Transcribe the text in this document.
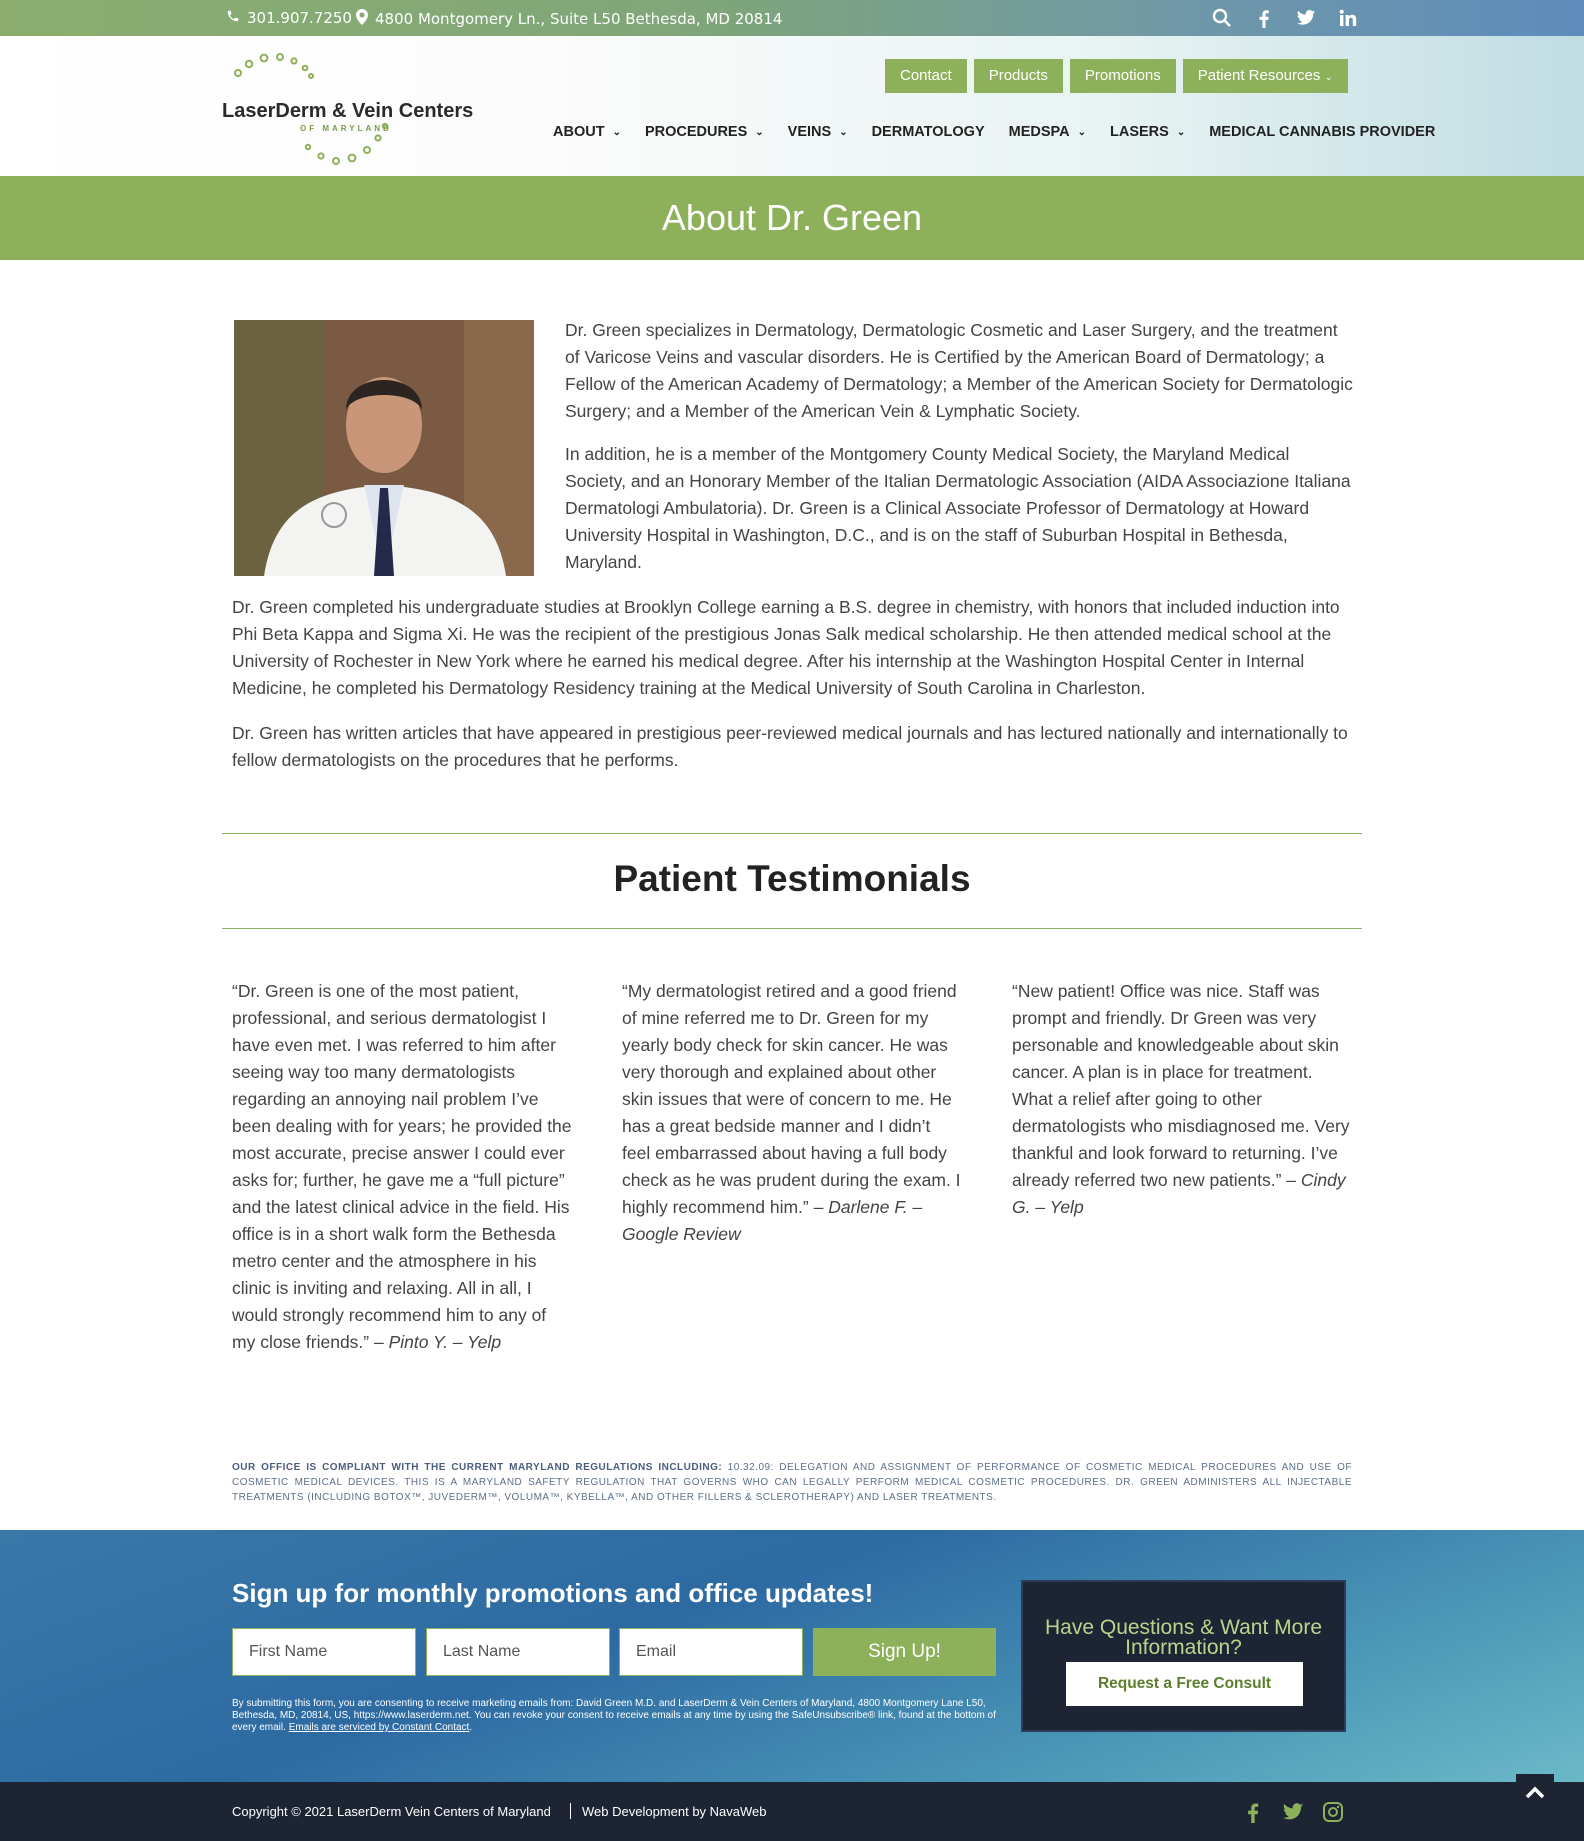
301.907.7250 4800 Montgomery Ln., Suite L50 Bethesda, MD 20814
LaserDerm & Vein Centers
OF MARYLAND
Contact	Products	Promotions	Patient Resources ⌄
ABOUT ⌄ PROCEDURES ⌄ VEINS ⌄ DERMATOLOGY MEDSPA ⌄ LASERS ⌄ MEDICAL CANNABIS PROVIDER
About Dr. Green

Dr. Green specializes in Dermatology, Dermatologic Cosmetic and Laser Surgery, and the treatment of Varicose Veins and vascular disorders. He is Certified by the American Board of Dermatology; a Fellow of the American Academy of Dermatology; a Member of the American Society for Dermatologic Surgery; and a Member of the American Vein & Lymphatic Society.

In addition, he is a member of the Montgomery County Medical Society, the Maryland Medical Society, and an Honorary Member of the Italian Dermatologic Association (AIDA Associazione Italiana Dermatologi Ambulatoria). Dr. Green is a Clinical Associate Professor of Dermatology at Howard University Hospital in Washington, D.C., and is on the staff of Suburban Hospital in Bethesda, Maryland.

Dr. Green completed his undergraduate studies at Brooklyn College earning a B.S. degree in chemistry, with honors that included induction into Phi Beta Kappa and Sigma Xi. He was the recipient of the prestigious Jonas Salk medical scholarship. He then attended medical school at the University of Rochester in New York where he earned his medical degree. After his internship at the Washington Hospital Center in Internal Medicine, he completed his Dermatology Residency training at the Medical University of South Carolina in Charleston.

Dr. Green has written articles that have appeared in prestigious peer-reviewed medical journals and has lectured nationally and internationally to fellow dermatologists on the procedures that he performs.

Patient Testimonials
“Dr. Green is one of the most patient, professional, and serious dermatologist I have even met. I was referred to him after seeing way too many dermatologists regarding an annoying nail problem I’ve been dealing with for years; he provided the most accurate, precise answer I could ever asks for; further, he gave me a “full picture” and the latest clinical advice in the field. His office is in a short walk form the Bethesda metro center and the atmosphere in his clinic is inviting and relaxing. All in all, I would strongly recommend him to any of my close friends.” – Pinto Y. – Yelp
“My dermatologist retired and a good friend of mine referred me to Dr. Green for my yearly body check for skin cancer. He was very thorough and explained about other skin issues that were of concern to me. He has a great bedside manner and I didn’t feel embarrassed about having a full body check as he was prudent during the exam. I highly recommend him.” – Darlene F. – Google Review
“New patient! Office was nice. Staff was prompt and friendly. Dr Green was very personable and knowledgeable about skin cancer. A plan is in place for treatment. What a relief after going to other dermatologists who misdiagnosed me. Very thankful and look forward to returning. I’ve already referred two new patients.” – Cindy G. – Yelp
OUR OFFICE IS COMPLIANT WITH THE CURRENT MARYLAND REGULATIONS INCLUDING: 10.32.09: DELEGATION AND ASSIGNMENT OF PERFORMANCE OF COSMETIC MEDICAL PROCEDURES AND USE OF COSMETIC MEDICAL DEVICES. THIS IS A MARYLAND SAFETY REGULATION THAT GOVERNS WHO CAN LEGALLY PERFORM MEDICAL COSMETIC PROCEDURES. DR. GREEN ADMINISTERS ALL INJECTABLE TREATMENTS (INCLUDING BOTOX™, JUVEDERM™, VOLUMA™, KYBELLA™, AND OTHER FILLERS & SCLEROTHERAPY) AND LASER TREATMENTS.
Sign up for monthly promotions and office updates!
First Name	Last Name	Email	Sign Up!

By submitting this form, you are consenting to receive marketing emails from: David Green M.D. and LaserDerm & Vein Centers of Maryland, 4800 Montgomery Lane L50, Bethesda, MD, 20814, US, https://www.laserderm.net. You can revoke your consent to receive emails at any time by using the SafeUnsubscribe® link, found at the bottom of every email. Emails are serviced by Constant Contact.

Have Questions & Want More Information?
Request a Free Consult
Copyright © 2021 LaserDerm Vein Centers of Maryland Web Development by NavaWeb
